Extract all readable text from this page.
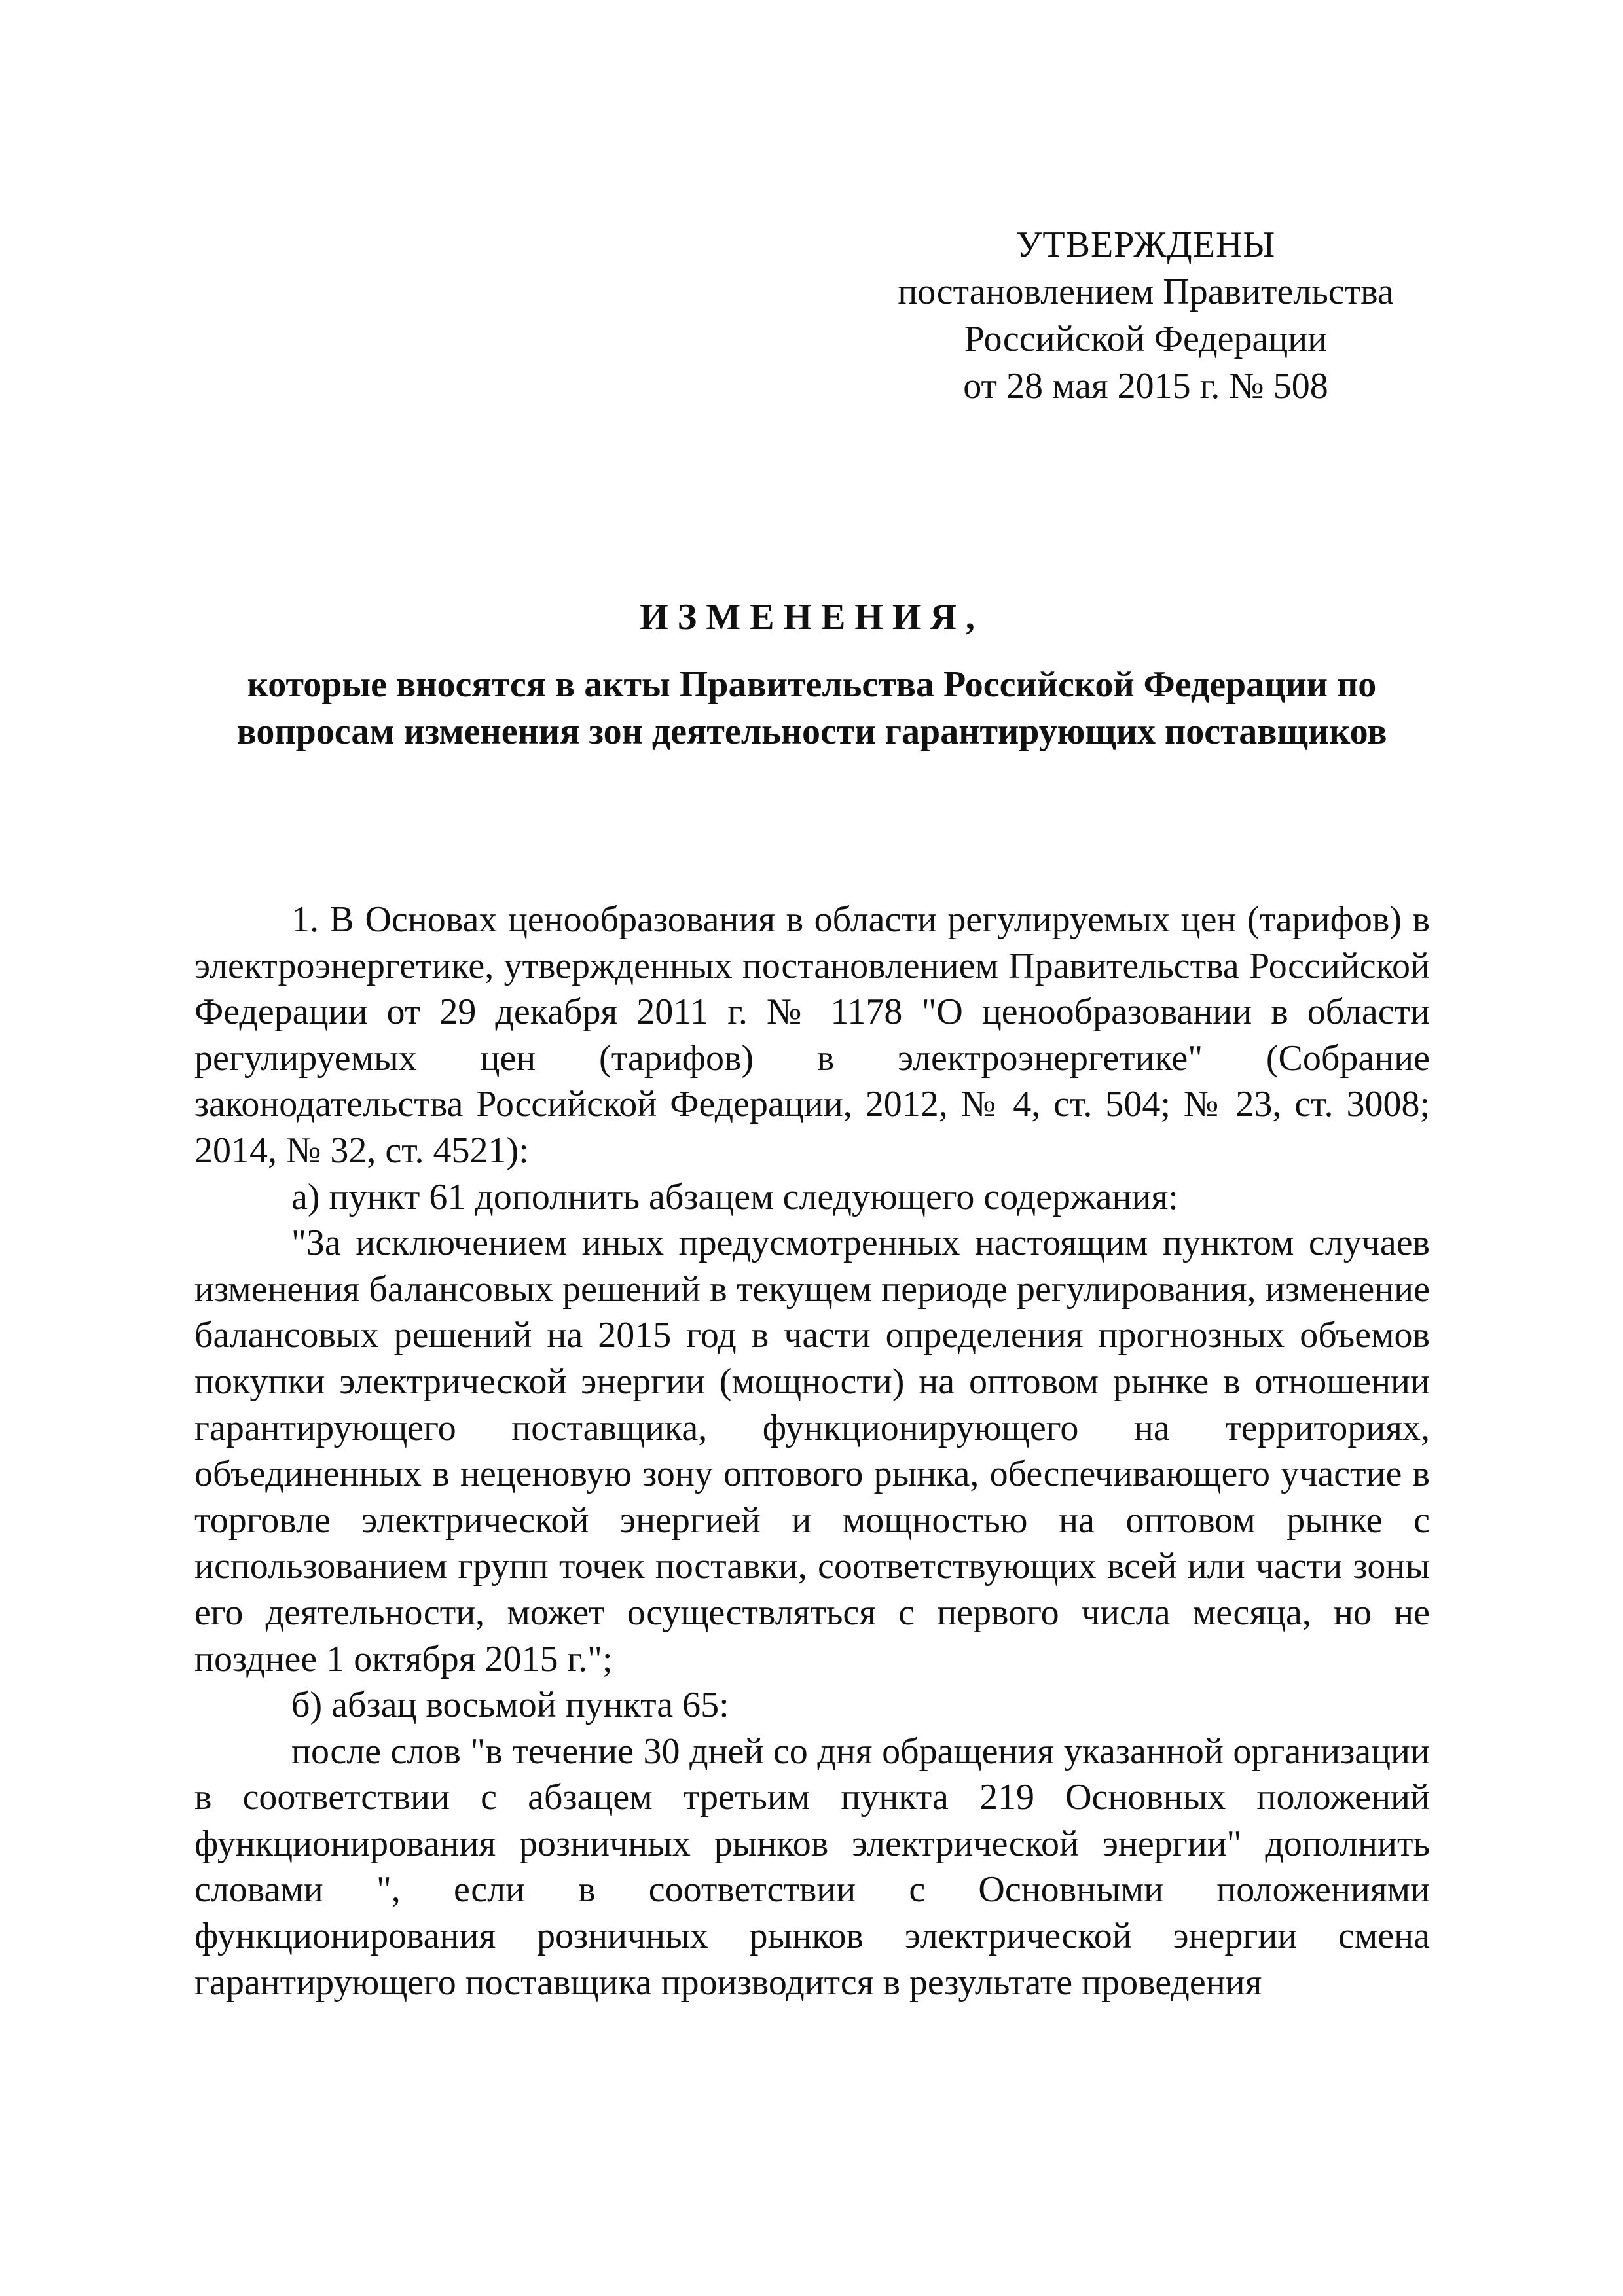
УТВЕРЖДЕНЫ
постановлением Правительства
Российской Федерации
от 28 мая 2015 г. № 508
ИЗМЕНЕНИЯ,
которые вносятся в акты Правительства Российской Федерации по вопросам изменения зон деятельности гарантирующих поставщиков

1. В Основах ценообразования в области регулируемых цен (тарифов) в электроэнергетике, утвержденных постановлением Правительства Российской Федерации от 29 декабря 2011 г. № 1178 "О ценообразовании в области регулируемых цен (тарифов) в электроэнергетике" (Собрание законодательства Российской Федерации, 2012, № 4, ст. 504; № 23, ст. 3008; 2014, № 32, ст. 4521):

а) пункт 61 дополнить абзацем следующего содержания:

"За исключением иных предусмотренных настоящим пунктом случаев изменения балансовых решений в текущем периоде регулирования, изменение балансовых решений на 2015 год в части определения прогнозных объемов покупки электрической энергии (мощности) на оптовом рынке в отношении гарантирующего поставщика, функционирующего на территориях, объединенных в неценовую зону оптового рынка, обеспечивающего участие в торговле электрической энергией и мощностью на оптовом рынке с использованием групп точек поставки, соответствующих всей или части зоны его деятельности, может осуществляться с первого числа месяца, но не позднее 1 октября 2015 г.";

б) абзац восьмой пункта 65:

после слов "в течение 30 дней со дня обращения указанной организации в соответствии с абзацем третьим пункта 219 Основных положений функционирования розничных рынков электрической энергии" дополнить словами ", если в соответствии с Основными положениями функционирования розничных рынков электрической энергии смена гарантирующего поставщика производится в результате проведения
